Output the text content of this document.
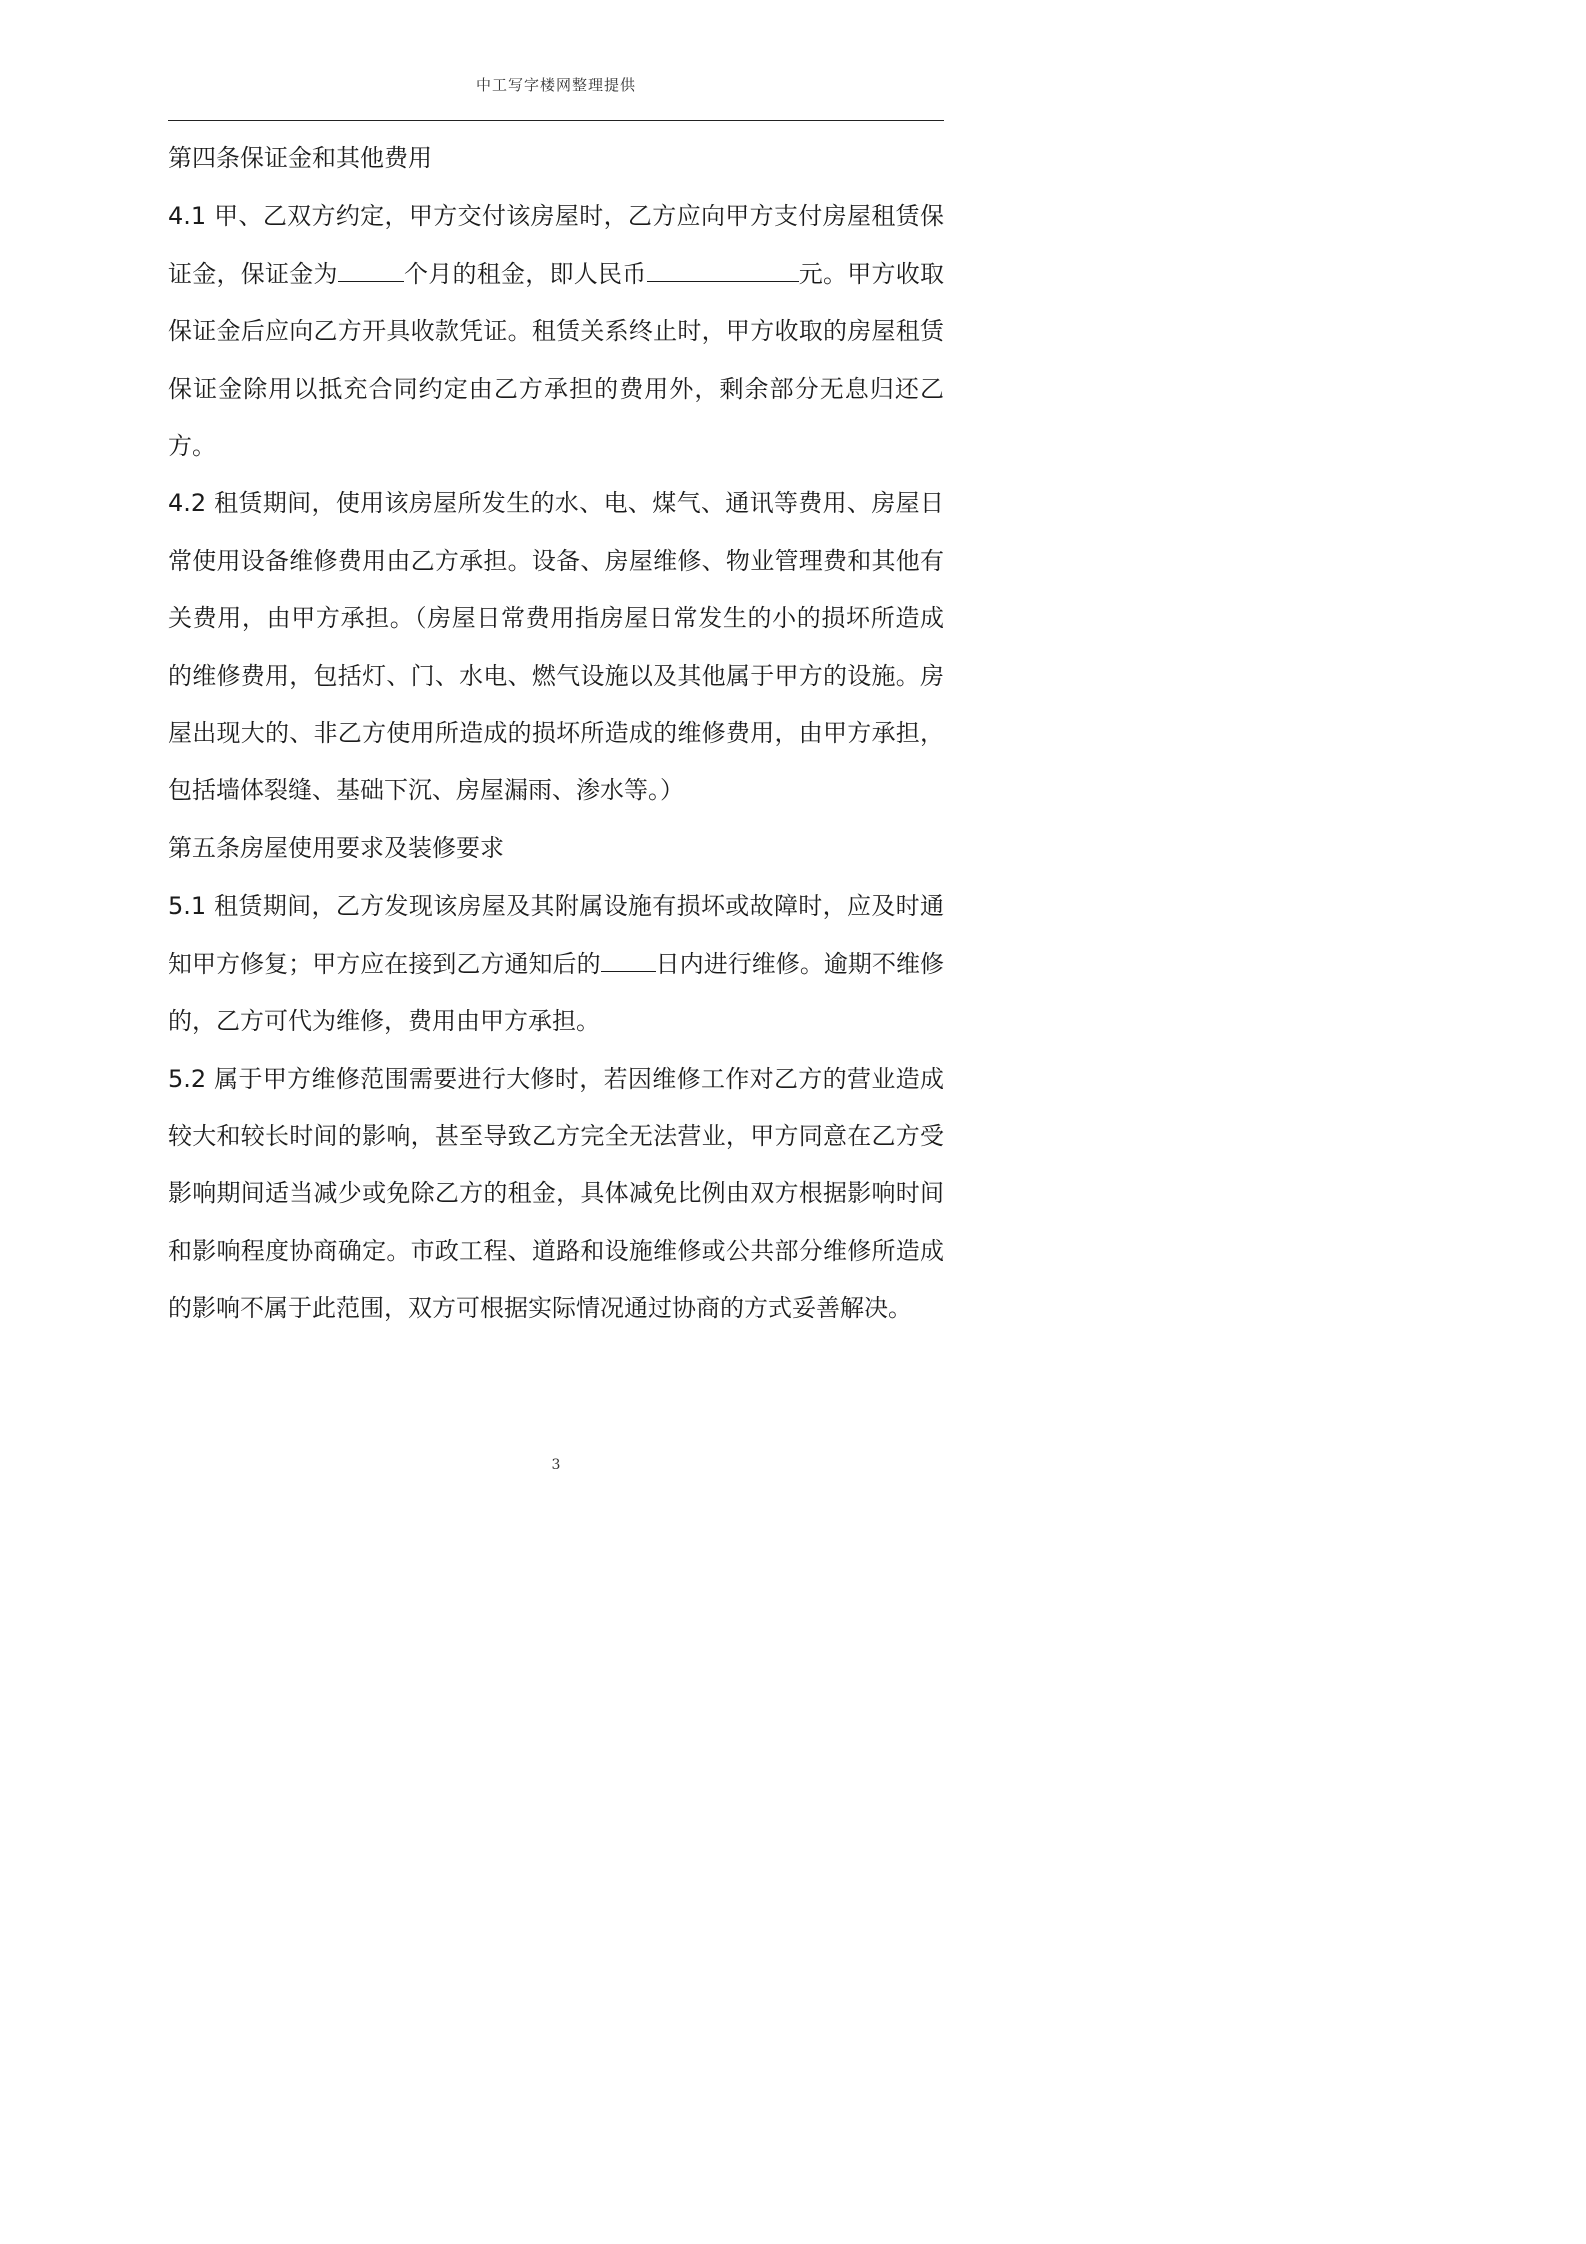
中工写字楼网整理提供

第四条保证金和其他费用

4.1 甲、乙双方约定，甲方交付该房屋时，乙方应向甲方支付房屋租赁保证金，保证金为	个月的租金，即人民币	元。甲方收取保证金后应向乙方开具收款凭证。租赁关系终止时，甲方收取的房屋租赁保证金除用以抵充合同约定由乙方承担的费用外，剩余部分无息归还乙方。

4.2 租赁期间，使用该房屋所发生的水、电、煤气、通讯等费用、房屋日常使用设备维修费用由乙方承担。设备、房屋维修、物业管理费和其他有关费用，由甲方承担。（房屋日常费用指房屋日常发生的小的损坏所造成的维修费用，包括灯、门、水电、燃气设施以及其他属于甲方的设施。房屋出现大的、非乙方使用所造成的损坏所造成的维修费用，由甲方承担，包括墙体裂缝、基础下沉、房屋漏雨、渗水等。）

第五条房屋使用要求及装修要求

5.1 租赁期间，乙方发现该房屋及其附属设施有损坏或故障时，应及时通知甲方修复；甲方应在接到乙方通知后的 日内进行维修。逾期不维修的，乙方可代为维修，费用由甲方承担。

5.2 属于甲方维修范围需要进行大修时，若因维修工作对乙方的营业造成较大和较长时间的影响，甚至导致乙方完全无法营业，甲方同意在乙方受影响期间适当减少或免除乙方的租金，具体减免比例由双方根据影响时间和影响程度协商确定。市政工程、道路和设施维修或公共部分维修所造成的影响不属于此范围，双方可根据实际情况通过协商的方式妥善解决。

3
